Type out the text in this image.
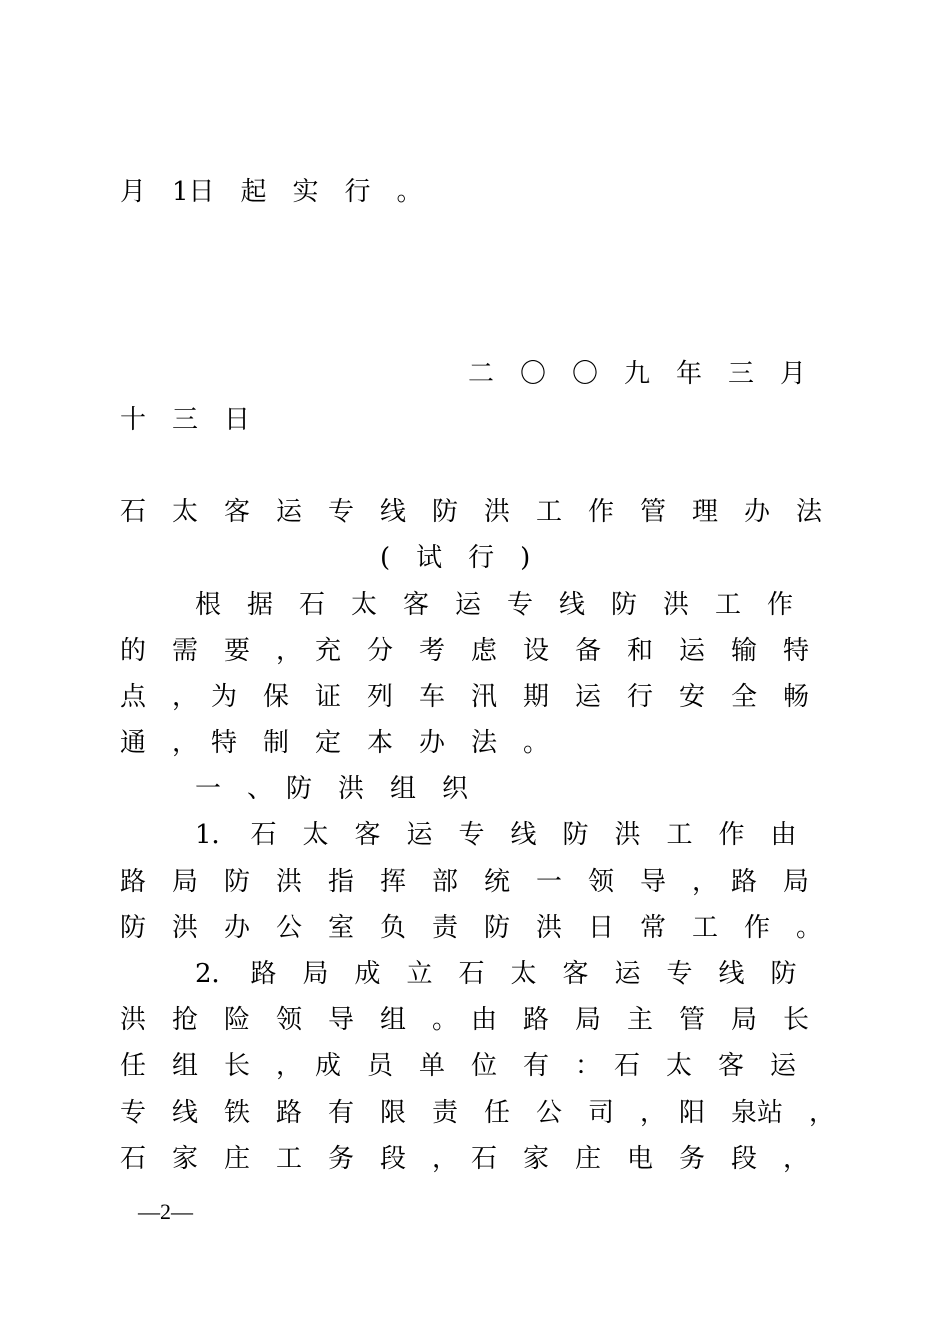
月　1日　起　实　行　。
二　〇　〇　九　年　三　月
十　三　日
石　太　客　运　专　线　防　洪　工　作　管　理　办　法
(　试　行　)
根　据　石　太　客　运　专　线　防　洪　工　作
的　需　要　，　充　分　考　虑　设　备　和　运　输　特
点　，　为　保　证　列　车　汛　期　运　行　安　全　畅
通　，　特　制　定　本　办　法　。
一　、　防　洪　组　织
1．　石　太　客　运　专　线　防　洪　工　作　由
路　局　防　洪　指　挥　部　统　一　领　导　，　路　局
防　洪　办　公　室　负　责　防　洪　日　常　工　作　。
2．　路　局　成　立　石　太　客　运　专　线　防
洪　抢　险　领　导　组　。　由　路　局　主　管　局　长
任　组　长　，　成　员　单　位　有　：　石　太　客　运
专　线　铁　路　有　限　责　任　公　司　，　阳　泉站　，
石　家　庄　工　务　段　，　石　家　庄　电　务　段　，
—2—
